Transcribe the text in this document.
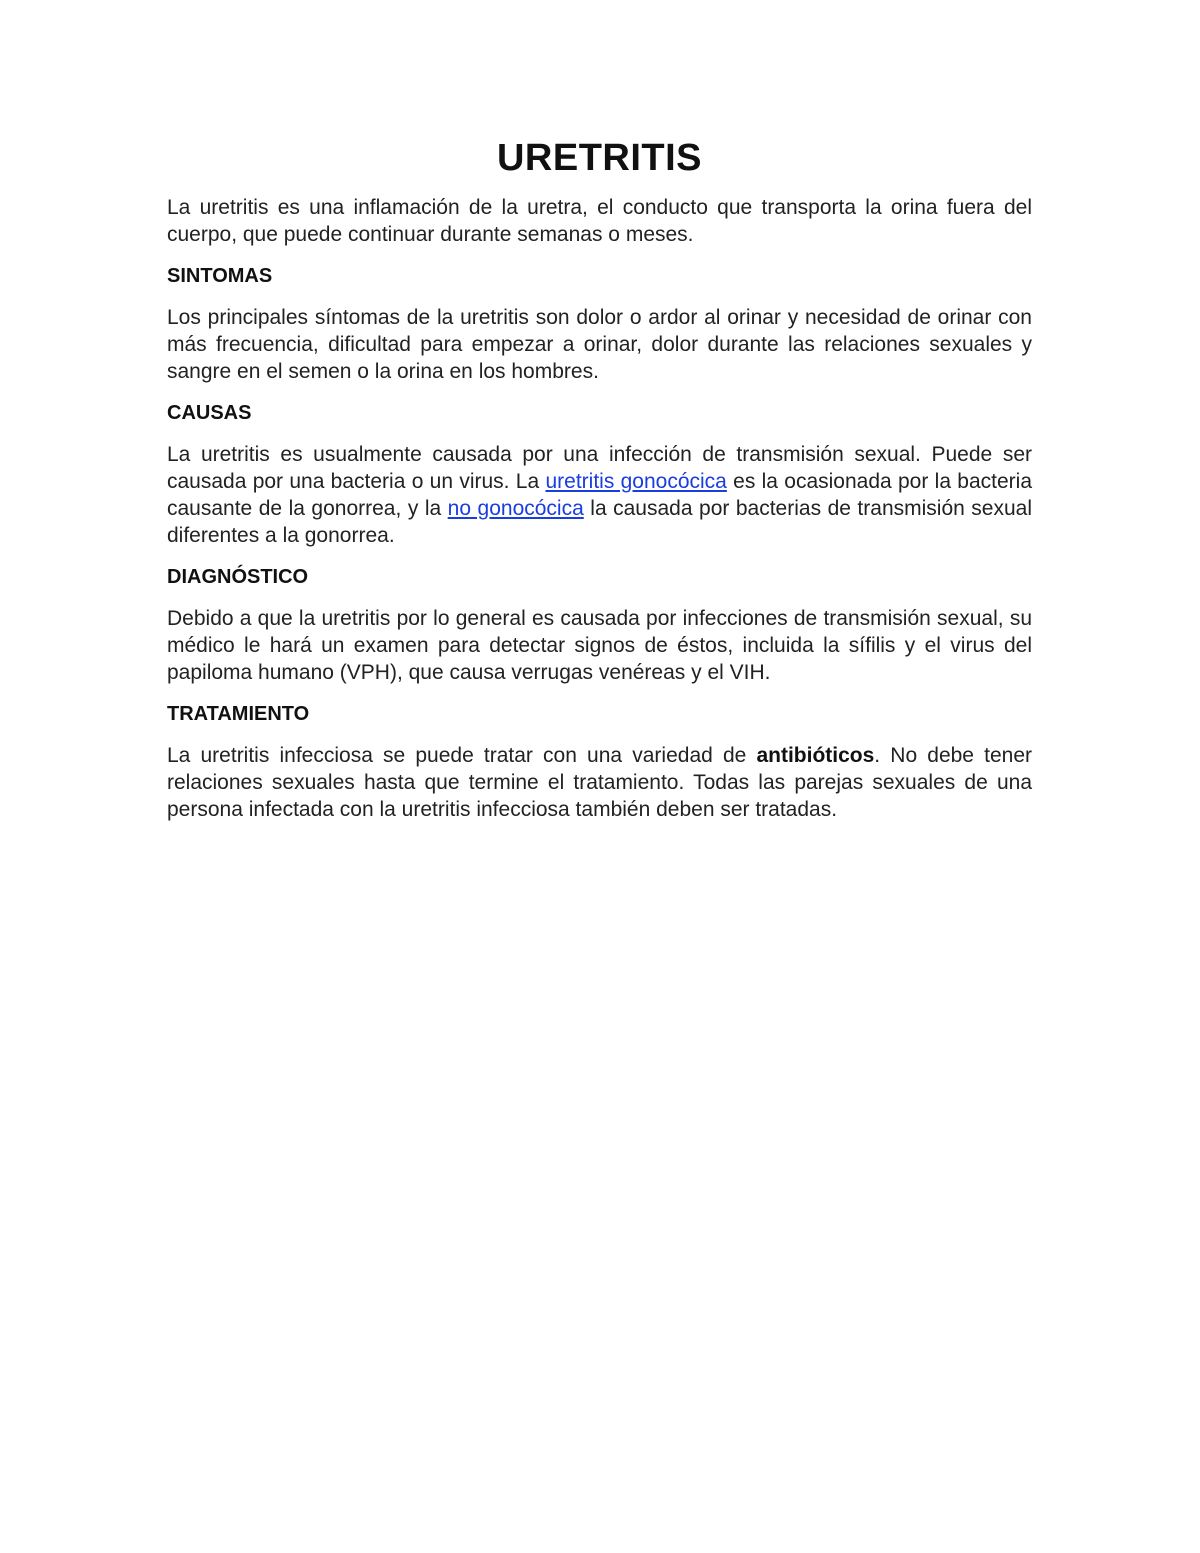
URETRITIS

La uretritis es una inflamación de la uretra, el conducto que transporta la orina fuera del cuerpo, que puede continuar durante semanas o meses.

SINTOMAS

Los principales síntomas de la uretritis son dolor o ardor al orinar y necesidad de orinar con más frecuencia, dificultad para empezar a orinar, dolor durante las relaciones sexuales y sangre en el semen o la orina en los hombres.

CAUSAS

La uretritis es usualmente causada por una infección de transmisión sexual. Puede ser causada por una bacteria o un virus. La uretritis gonocócica es la ocasionada por la bacteria causante de la gonorrea, y la no gonocócica la causada por bacterias de transmisión sexual diferentes a la gonorrea.

DIAGNÓSTICO

Debido a que la uretritis por lo general es causada por infecciones de transmisión sexual, su médico le hará un examen para detectar signos de éstos, incluida la sífilis y el virus del papiloma humano (VPH), que causa verrugas venéreas y el VIH.

TRATAMIENTO

La uretritis infecciosa se puede tratar con una variedad de antibióticos. No debe tener relaciones sexuales hasta que termine el tratamiento. Todas las parejas sexuales de una persona infectada con la uretritis infecciosa también deben ser tratadas.
